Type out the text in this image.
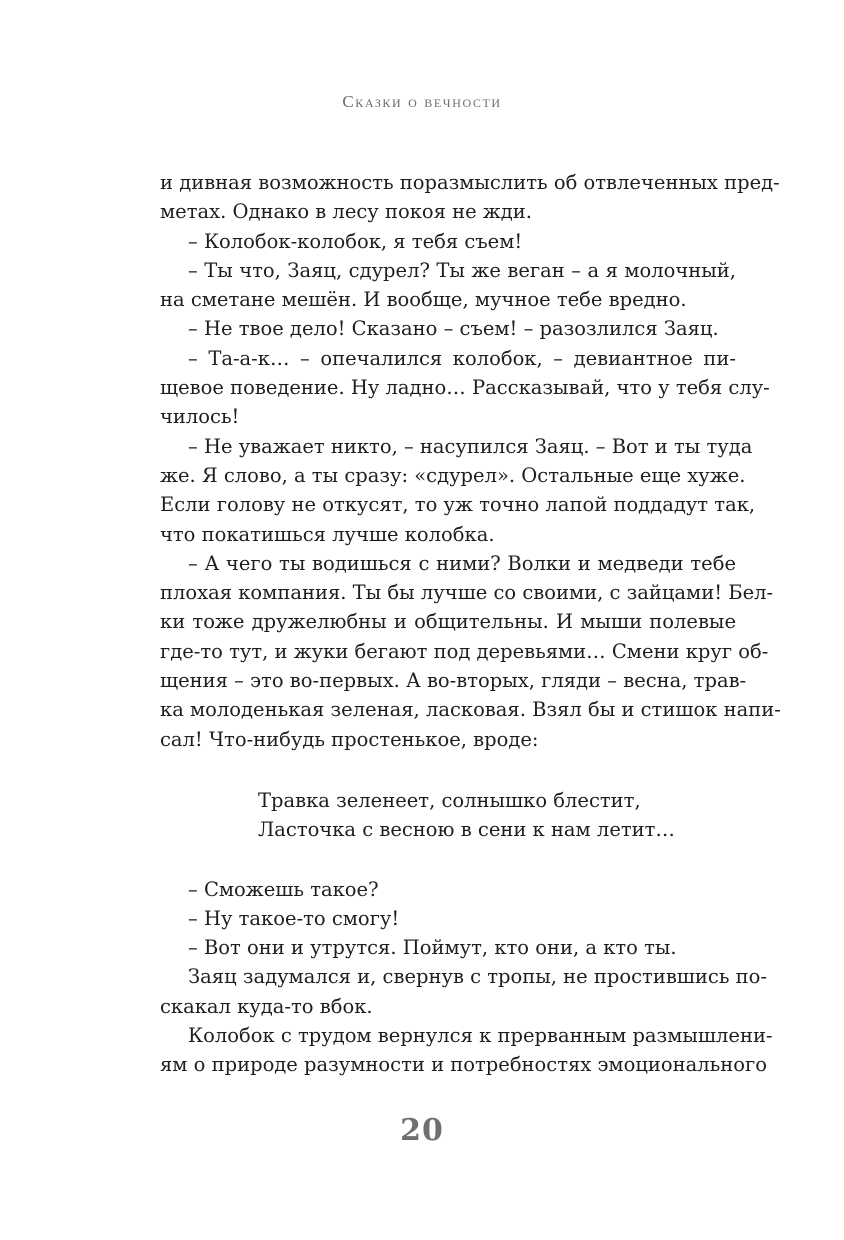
Сказки о вечности
и дивная возможность поразмыслить об отвлеченных пред-
метах. Однако в лесу покоя не жди.
– Колобок-колобок, я тебя съем!
– Ты что, Заяц, сдурел? Ты же веган – а я молочный,
на сметане мешён. И вообще, мучное тебе вредно.
– Не твое дело! Сказано – съем! – разозлился Заяц.
– Та-а-к… – опечалился колобок, – девиантное пи-
щевое поведение. Ну ладно… Рассказывай, что у тебя слу-
чилось!
– Не уважает никто, – насупился Заяц. – Вот и ты туда
же. Я слово, а ты сразу: «сдурел». Остальные еще хуже.
Если голову не откусят, то уж точно лапой поддадут так,
что покатишься лучше колобка.
– А чего ты водишься с ними? Волки и медведи тебе
плохая компания. Ты бы лучше со своими, с зайцами! Бел-
ки тоже дружелюбны и общительны. И мыши полевые
где-то тут, и жуки бегают под деревьями… Смени круг об-
щения – это во-первых. А во-вторых, гляди – весна, трав-
ка молоденькая зеленая, ласковая. Взял бы и стишок напи-
сал! Что-нибудь простенькое, вроде:
Травка зеленеет, солнышко блестит,
Ласточка с весною в сени к нам летит…
– Сможешь такое?
– Ну такое-то смогу!
– Вот они и утрутся. Поймут, кто они, а кто ты.
Заяц задумался и, свернув с тропы, не простившись по-
скакал куда-то вбок.
Колобок с трудом вернулся к прерванным размышлени-
ям о природе разумности и потребностях эмоционального
20
